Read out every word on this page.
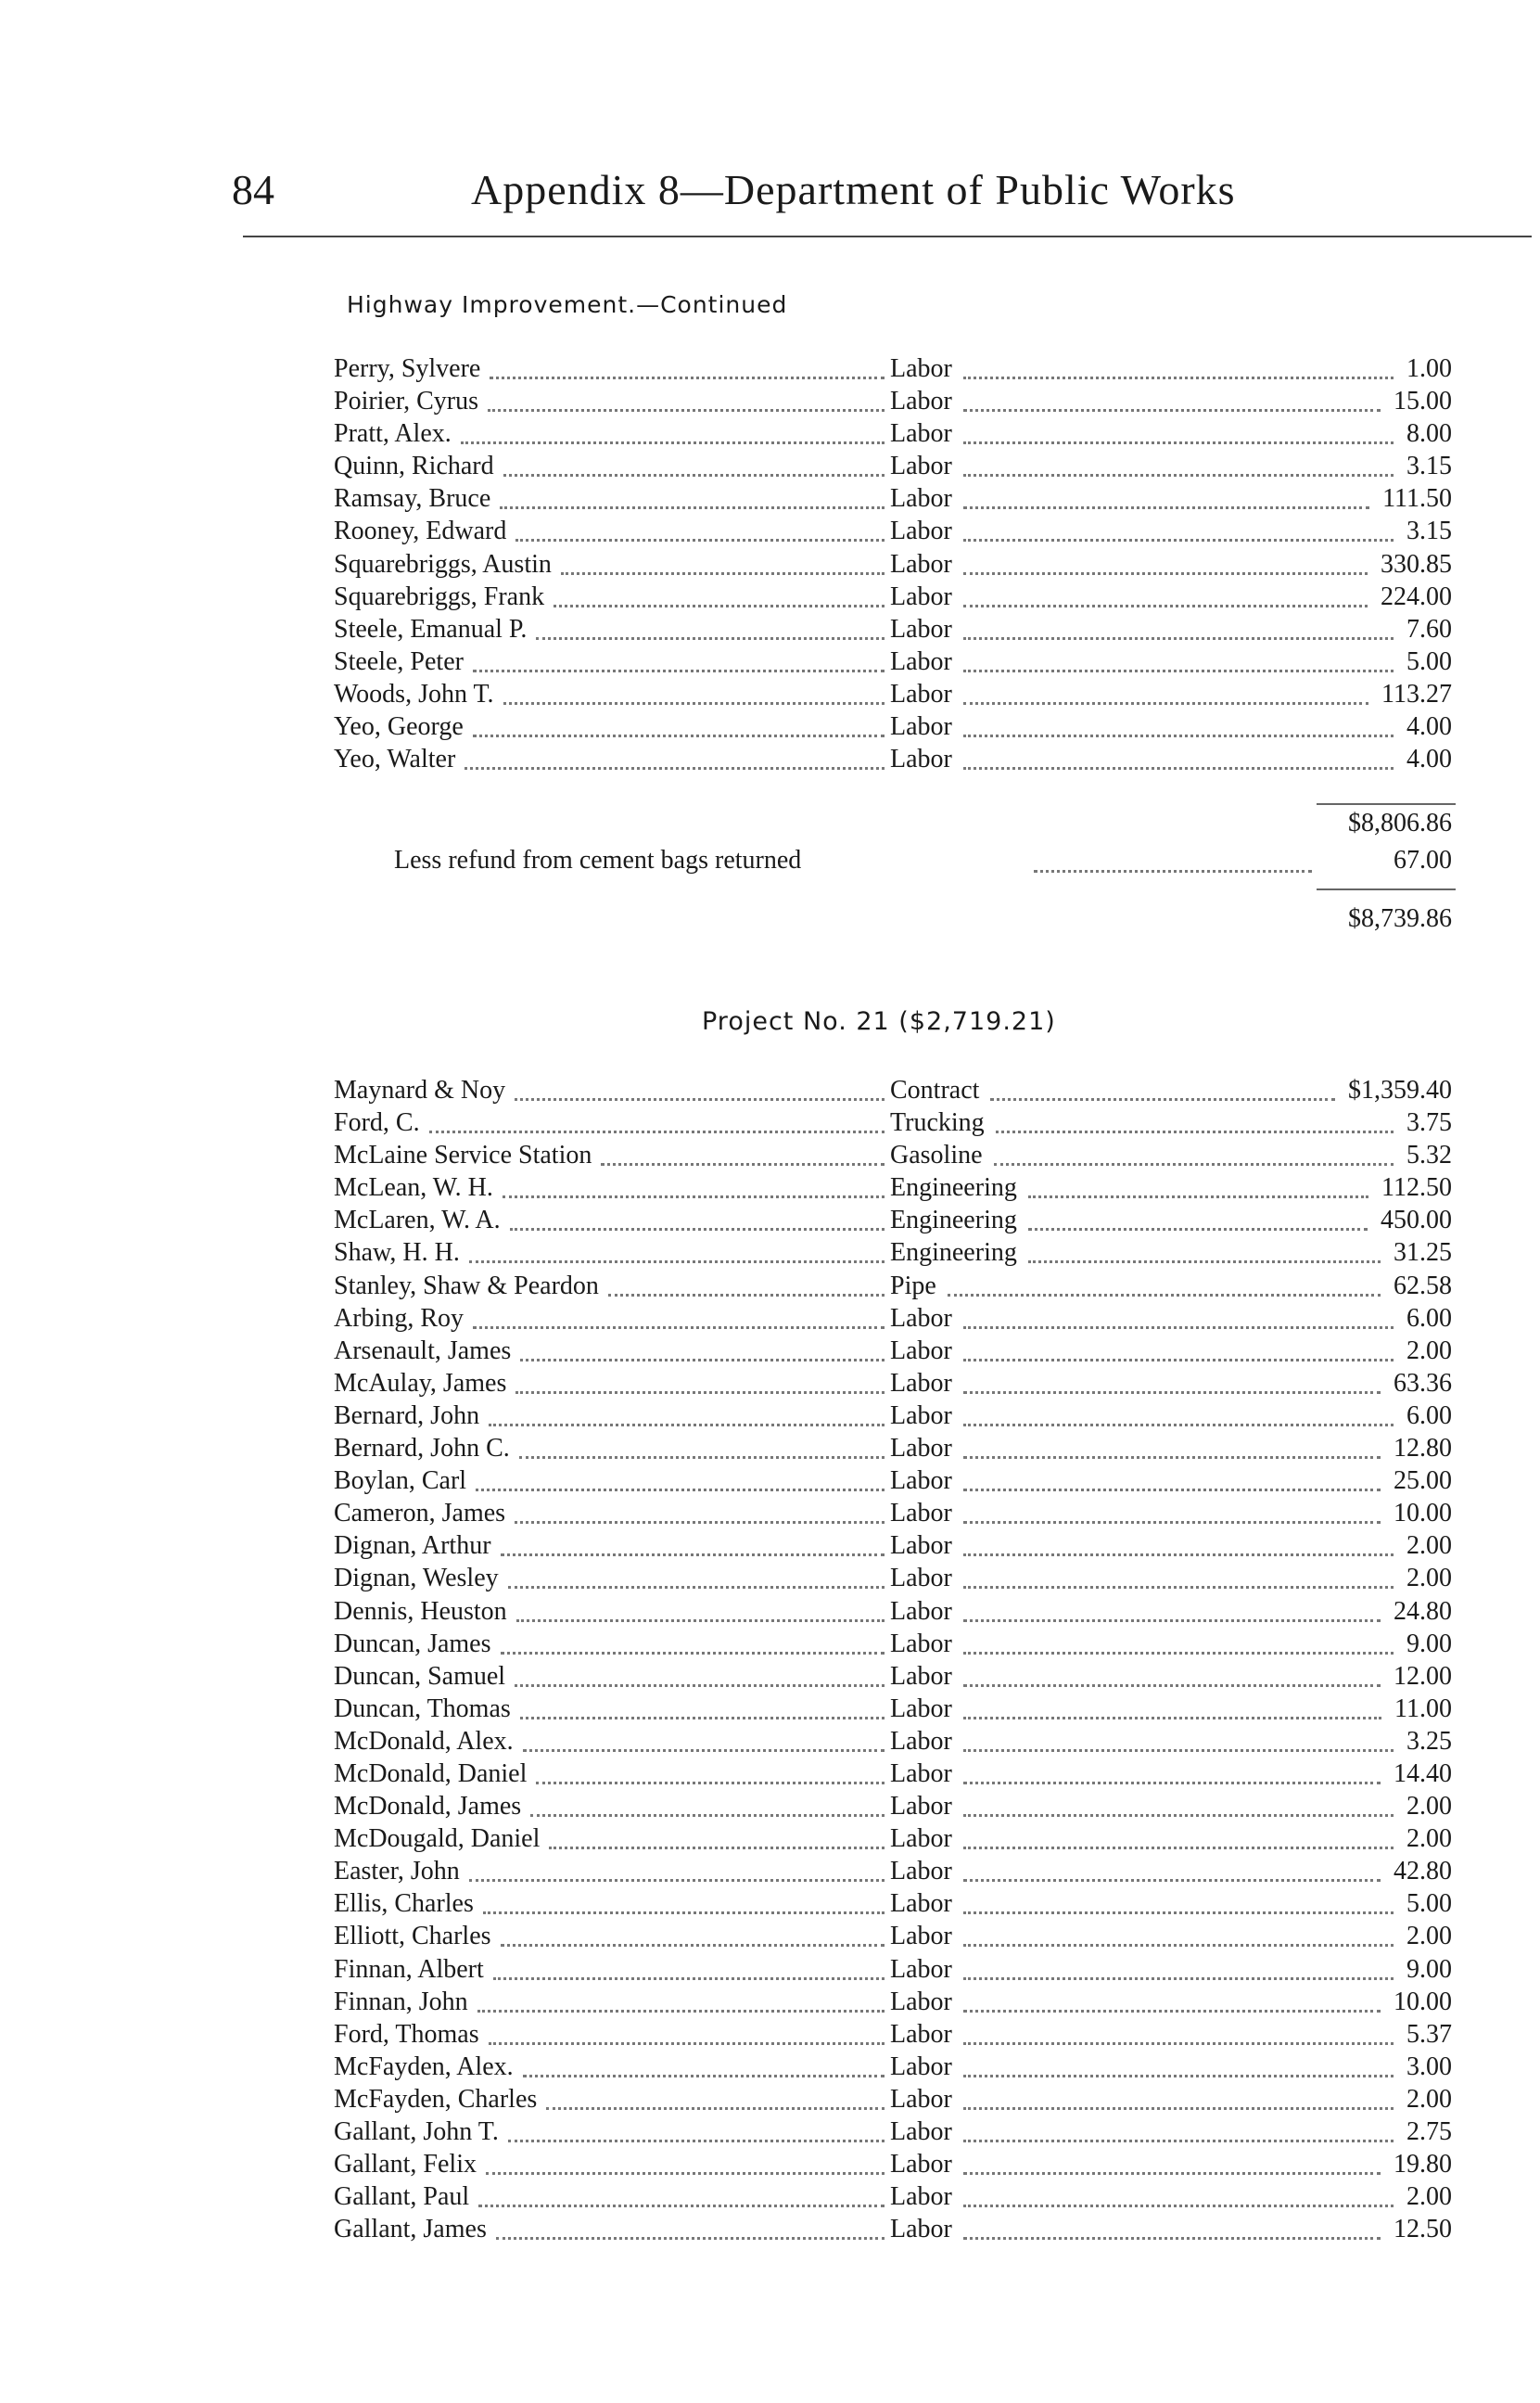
84	Appendix 8—Department of Public Works
Highway Improvement.—Continued
Perry, Sylvere	Labor	1.00
Poirier, Cyrus	Labor	15.00
Pratt, Alex.	Labor	8.00
Quinn, Richard	Labor	3.15
Ramsay, Bruce	Labor	111.50
Rooney, Edward	Labor	3.15
Squarebriggs, Austin	Labor	330.85
Squarebriggs, Frank	Labor	224.00
Steele, Emanual P.	Labor	7.60
Steele, Peter	Labor	5.00
Woods, John T.	Labor	113.27
Yeo, George	Labor	4.00
Yeo, Walter	Labor	4.00
$8,806.86
Less refund from cement bags returned	67.00
$8,739.86
Project No. 21 ($2,719.21)
Maynard & Noy	Contract	$1,359.40
Ford, C.	Trucking	3.75
McLaine Service Station	Gasoline	5.32
McLean, W. H.	Engineering	112.50
McLaren, W. A.	Engineering	450.00
Shaw, H. H.	Engineering	31.25
Stanley, Shaw & Peardon	Pipe	62.58
Arbing, Roy	Labor	6.00
Arsenault, James	Labor	2.00
McAulay, James	Labor	63.36
Bernard, John	Labor	6.00
Bernard, John C.	Labor	12.80
Boylan, Carl	Labor	25.00
Cameron, James	Labor	10.00
Dignan, Arthur	Labor	2.00
Dignan, Wesley	Labor	2.00
Dennis, Heuston	Labor	24.80
Duncan, James	Labor	9.00
Duncan, Samuel	Labor	12.00
Duncan, Thomas	Labor	11.00
McDonald, Alex.	Labor	3.25
McDonald, Daniel	Labor	14.40
McDonald, James	Labor	2.00
McDougald, Daniel	Labor	2.00
Easter, John	Labor	42.80
Ellis, Charles	Labor	5.00
Elliott, Charles	Labor	2.00
Finnan, Albert	Labor	9.00
Finnan, John	Labor	10.00
Ford, Thomas	Labor	5.37
McFayden, Alex.	Labor	3.00
McFayden, Charles	Labor	2.00
Gallant, John T.	Labor	2.75
Gallant, Felix	Labor	19.80
Gallant, Paul	Labor	2.00
Gallant, James	Labor	12.50
